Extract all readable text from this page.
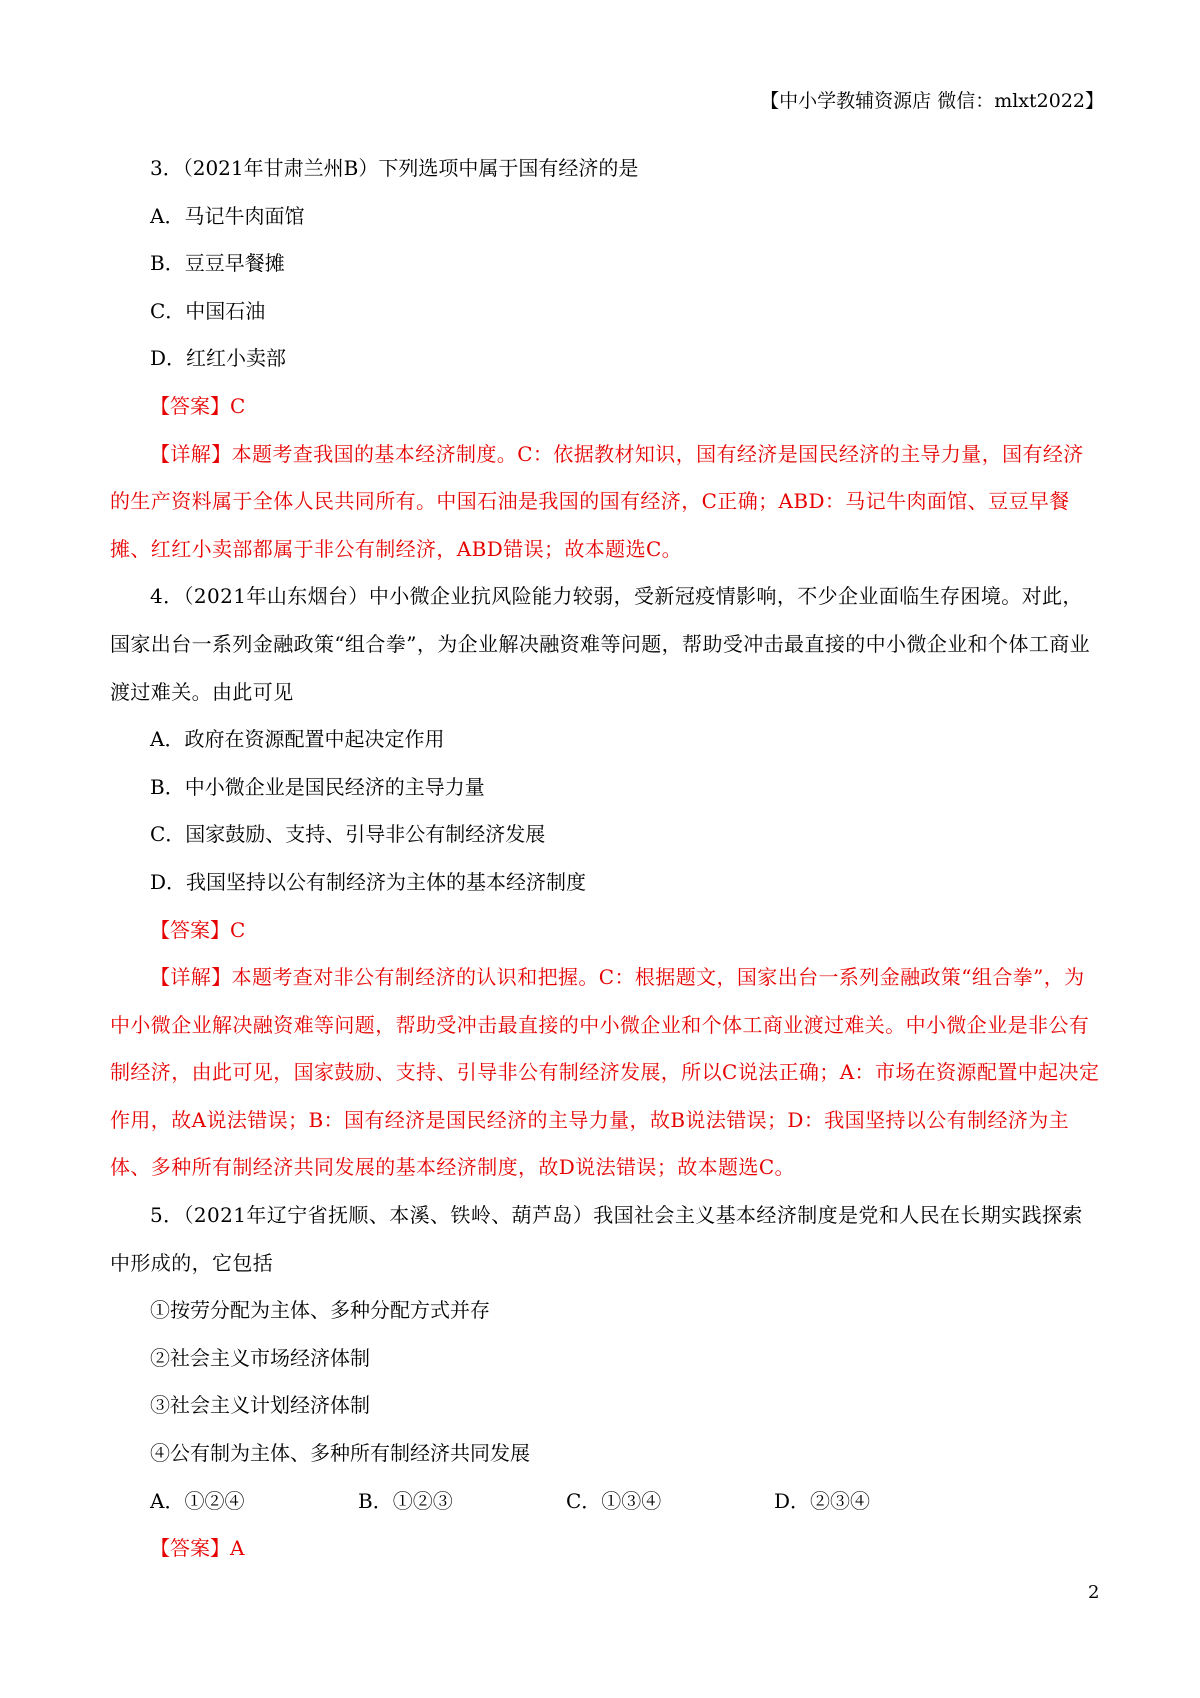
【中小学教辅资源店 微信：mlxt2022】
3．（2021年甘肃兰州B）下列选项中属于国有经济的是
A．马记牛肉面馆
B．豆豆早餐摊
C．中国石油
D．红红小卖部
【答案】C
【详解】本题考查我国的基本经济制度。C：依据教材知识，国有经济是国民经济的主导力量，国有经济的生产资料属于全体人民共同所有。中国石油是我国的国有经济，C正确；ABD：马记牛肉面馆、豆豆早餐摊、红红小卖部都属于非公有制经济，ABD错误；故本题选C。
4．（2021年山东烟台）中小微企业抗风险能力较弱，受新冠疫情影响，不少企业面临生存困境。对此，国家出台一系列金融政策“组合拳”，为企业解决融资难等问题，帮助受冲击最直接的中小微企业和个体工商业渡过难关。由此可见
A．政府在资源配置中起决定作用
B．中小微企业是国民经济的主导力量
C．国家鼓励、支持、引导非公有制经济发展
D．我国坚持以公有制经济为主体的基本经济制度
【答案】C
【详解】本题考查对非公有制经济的认识和把握。C：根据题文，国家出台一系列金融政策“组合拳”，为中小微企业解决融资难等问题，帮助受冲击最直接的中小微企业和个体工商业渡过难关。中小微企业是非公有制经济，由此可见，国家鼓励、支持、引导非公有制经济发展，所以C说法正确；A：市场在资源配置中起决定作用，故A说法错误；B：国有经济是国民经济的主导力量，故B说法错误；D：我国坚持以公有制经济为主体、多种所有制经济共同发展的基本经济制度，故D说法错误；故本题选C。
5．（2021年辽宁省抚顺、本溪、铁岭、葫芦岛）我国社会主义基本经济制度是党和人民在长期实践探索中形成的，它包括
①按劳分配为主体、多种分配方式并存
②社会主义市场经济体制
③社会主义计划经济体制
④公有制为主体、多种所有制经济共同发展
A．①②④	B．①②③	C．①③④	D．②③④
【答案】A
2
